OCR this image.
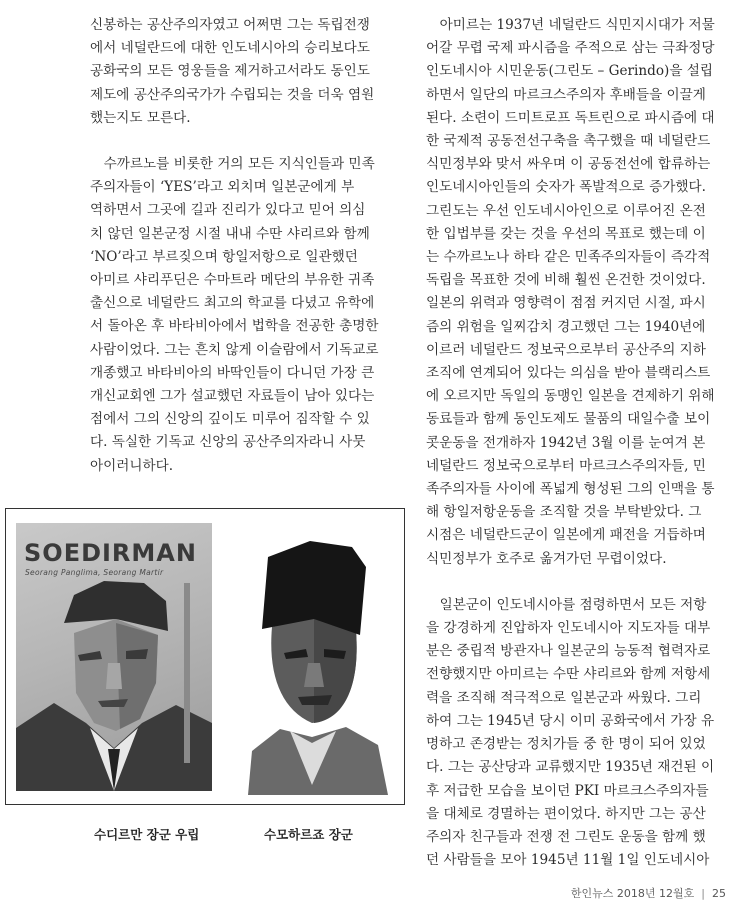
신봉하는 공산주의자였고 어쩌면 그는 독립전쟁
에서 네덜란드에 대한 인도네시아의 승리보다도
공화국의 모든 영웅들을 제거하고서라도 동인도
제도에 공산주의국가가 수립되는 것을 더욱 염원
했는지도 모른다.

수까르노를 비롯한 거의 모든 지식인들과 민족
주의자들이 ‘YES’라고 외치며 일본군에게 부
역하면서 그곳에 길과 진리가 있다고 믿어 의심
치 않던 일본군정 시절 내내 수딴 샤리르와 함께
‘NO’라고 부르짖으며 항일저항으로 일관했던
아미르 샤리푸딘은 수마트라 메단의 부유한 귀족
출신으로 네덜란드 최고의 학교를 다녔고 유학에
서 돌아온 후 바타비아에서 법학을 전공한 총명한
사람이었다. 그는 흔치 않게 이슬람에서 기독교로
개종했고 바타비아의 바딱인들이 다니던 가장 큰
개신교회엔 그가 설교했던 자료들이 남아 있다는
점에서 그의 신앙의 깊이도 미루어 짐작할 수 있
다. 독실한 기독교 신앙의 공산주의자라니 사뭇
아이러니하다.

아미르는 1937년 네덜란드 식민지시대가 저물
어갈 무렵 국제 파시즘을 주적으로 삼는 극좌정당
인도네시아 시민운동(그린도 – Gerindo)을 설립
하면서 일단의 마르크스주의자 후배들을 이끌게
된다. 소련이 드미트로프 독트린으로 파시즘에 대
한 국제적 공동전선구축을 촉구했을 때 네덜란드
식민정부와 맞서 싸우며 이 공동전선에 합류하는
인도네시아인들의 숫자가 폭발적으로 증가했다.
그린도는 우선 인도네시아인으로 이루어진 온전
한 입법부를 갖는 것을 우선의 목표로 했는데 이
는 수까르노나 하타 같은 민족주의자들이 즉각적
독립을 목표한 것에 비해 훨씬 온건한 것이었다.

일본의 위력과 영향력이 점점 커지던 시절, 파시
즘의 위험을 일찌감치 경고했던 그는 1940년에
이르러 네덜란드 정보국으로부터 공산주의 지하
조직에 연계되어 있다는 의심을 받아 블랙리스트
에 오르지만 독일의 동맹인 일본을 견제하기 위해
동료들과 함께 동인도제도 물품의 대일수출 보이
콧운동을 전개하자 1942년 3월 이를 눈여겨 본
네덜란드 정보국으로부터 마르크스주의자들, 민
족주의자들 사이에 폭넓게 형성된 그의 인맥을 통
해 항일저항운동을 조직할 것을 부탁받았다. 그
시점은 네덜란드군이 일본에게 패전을 거듭하며
식민정부가 호주로 옮겨가던 무렵이었다.

일본군이 인도네시아를 점령하면서 모든 저항
을 강경하게 진압하자 인도네시아 지도자들 대부
분은 중립적 방관자나 일본군의 능동적 협력자로
전향했지만 아미르는 수딴 샤리르와 함께 저항세
력을 조직해 적극적으로 일본군과 싸웠다. 그리
하여 그는 1945년 당시 이미 공화국에서 가장 유
명하고 존경받는 정치가들 중 한 명이 되어 있었
다. 그는 공산당과 교류했지만 1935년 재건된 이
후 저급한 모습을 보이던 PKI 마르크스주의자들
을 대체로 경멸하는 편이었다. 하지만 그는 공산
주의자 친구들과 전쟁 전 그린도 운동을 함께 했
던 사람들을 모아 1945년 11월 1일 인도네시아

SOEDIRMAN
Seorang Panglima, Seorang Martir
수디르만 장군 우립	수모하르죠 장군
한인뉴스 2018년 12월호 | 25
